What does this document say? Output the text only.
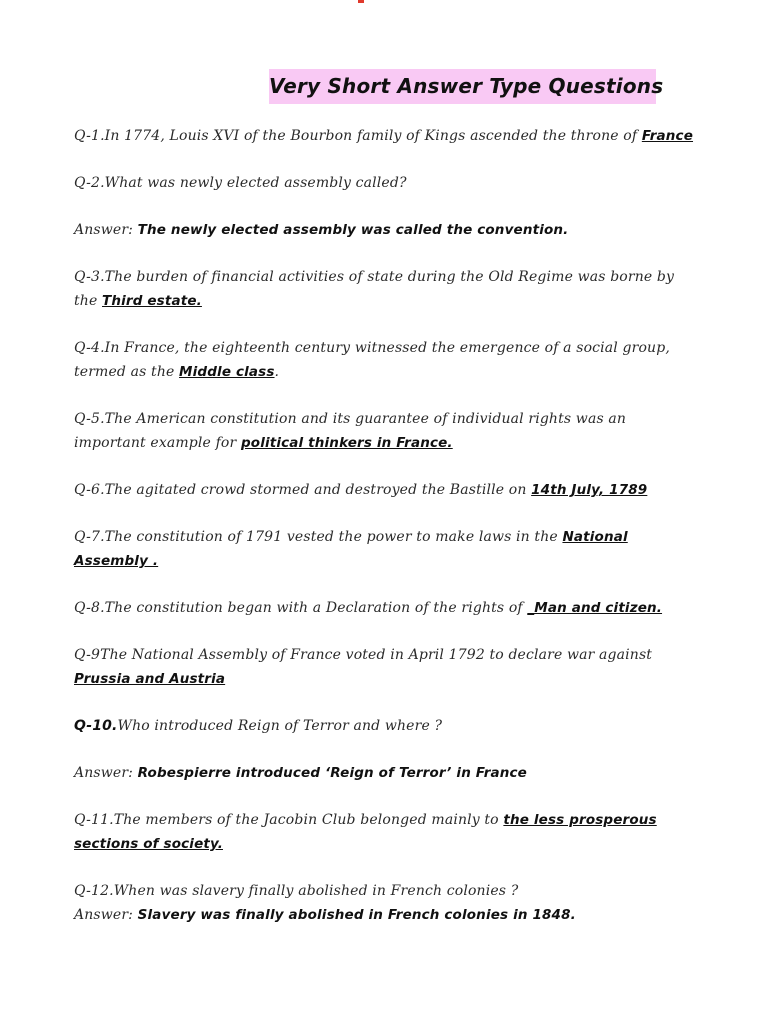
Very Short Answer Type Questions

Q-1.In 1774, Louis XVI of the Bourbon family of Kings ascended the throne of France

Q-2.What was newly elected assembly called?

Answer: The newly elected assembly was called the convention.

Q-3.The burden of financial activities of state during the Old Regime was borne by the Third estate.

Q-4.In France, the eighteenth century witnessed the emergence of a social group, termed as the Middle class.

Q-5.The American constitution and its guarantee of individual rights was an important example for political thinkers in France.

Q-6.The agitated crowd stormed and destroyed the Bastille on 14th July, 1789

Q-7.The constitution of 1791 vested the power to make laws in the National Assembly .

Q-8.The constitution began with a Declaration of the rights of _Man and citizen.

Q-9The National Assembly of France voted in April 1792 to declare war against Prussia and Austria

Q-10.Who introduced Reign of Terror and where ?

Answer: Robespierre introduced ‘Reign of Terror’ in France

Q-11.The members of the Jacobin Club belonged mainly to the less prosperous sections of society.

Q-12.When was slavery finally abolished in French colonies ?

Answer: Slavery was finally abolished in French colonies in 1848.
